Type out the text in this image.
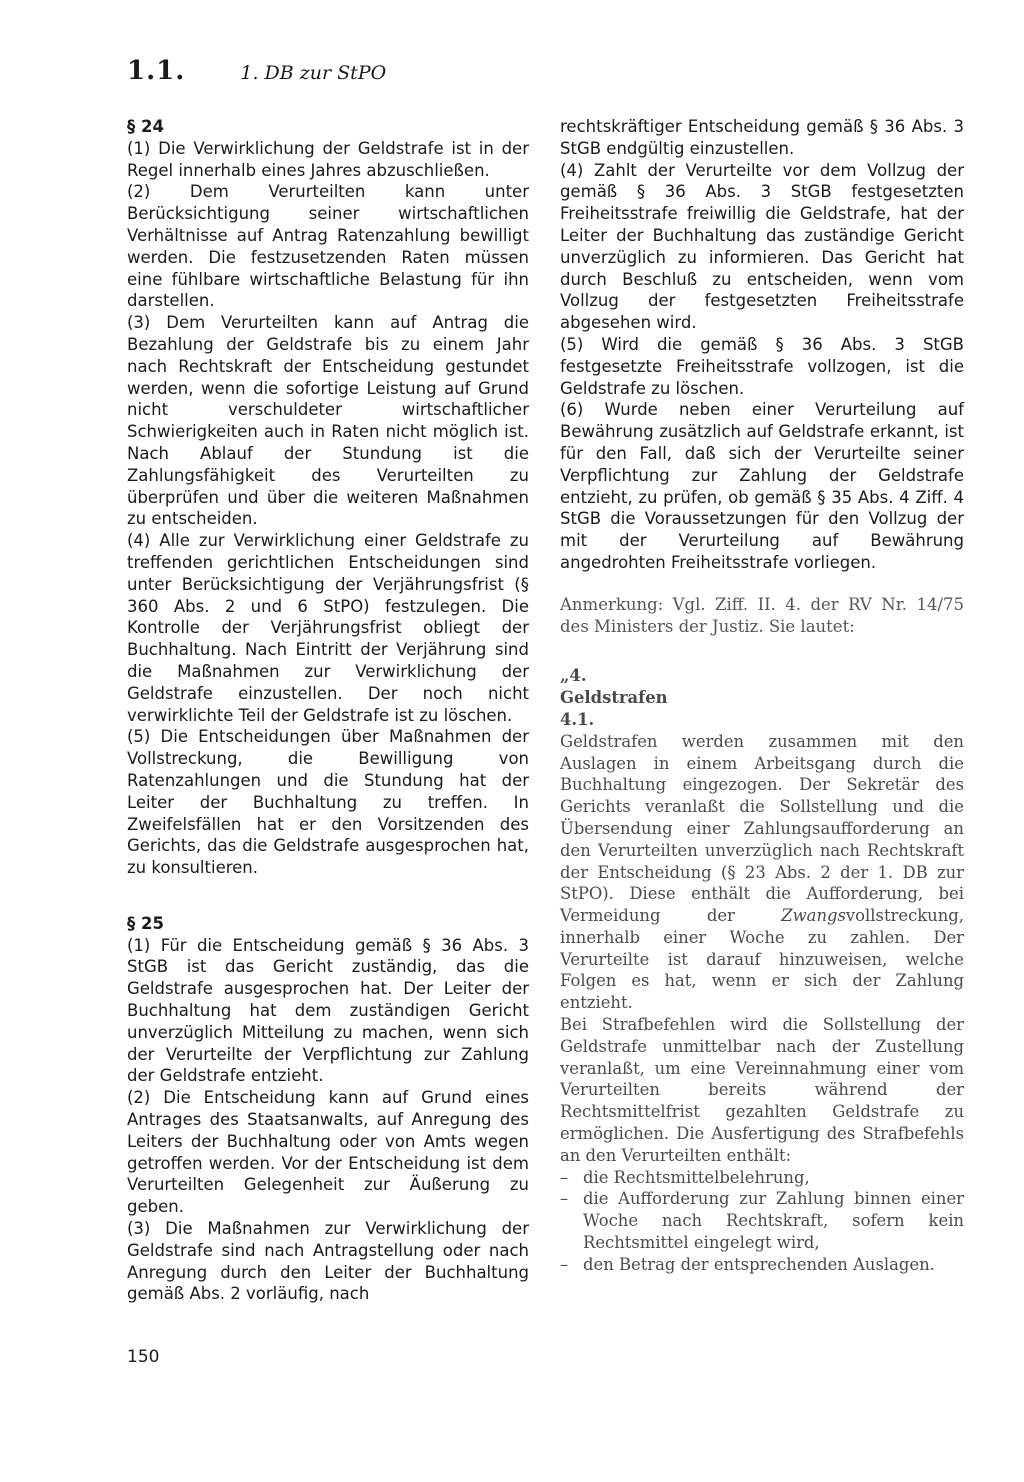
1.1.	1. DB zur StPO

§ 24

(1) Die Verwirklichung der Geldstrafe ist in der Regel innerhalb eines Jahres abzuschließen.

(2) Dem Verurteilten kann unter Berücksichtigung seiner wirtschaftlichen Verhältnisse auf Antrag Ratenzahlung bewilligt werden. Die festzusetzenden Raten müssen eine fühlbare wirtschaftliche Belastung für ihn darstellen.

(3) Dem Verurteilten kann auf Antrag die Bezahlung der Geldstrafe bis zu einem Jahr nach Rechtskraft der Entscheidung gestundet werden, wenn die sofortige Leistung auf Grund nicht verschuldeter wirtschaftlicher Schwierigkeiten auch in Raten nicht möglich ist. Nach Ablauf der Stundung ist die Zahlungsfähigkeit des Verurteilten zu überprüfen und über die weiteren Maßnahmen zu entscheiden.

(4) Alle zur Verwirklichung einer Geldstrafe zu treffenden gerichtlichen Entscheidungen sind unter Berücksichtigung der Verjährungsfrist (§ 360 Abs. 2 und 6 StPO) festzulegen. Die Kontrolle der Verjährungsfrist obliegt der Buchhaltung. Nach Eintritt der Verjährung sind die Maßnahmen zur Verwirklichung der Geldstrafe einzustellen. Der noch nicht verwirklichte Teil der Geldstrafe ist zu löschen.

(5) Die Entscheidungen über Maßnahmen der Vollstreckung, die Bewilligung von Ratenzahlungen und die Stundung hat der Leiter der Buchhaltung zu treffen. In Zweifelsfällen hat er den Vorsitzenden des Gerichts, das die Geldstrafe ausgesprochen hat, zu konsultieren.

§ 25

(1) Für die Entscheidung gemäß § 36 Abs. 3 StGB ist das Gericht zuständig, das die Geldstrafe ausgesprochen hat. Der Leiter der Buchhaltung hat dem zuständigen Gericht unverzüglich Mitteilung zu machen, wenn sich der Verurteilte der Verpflichtung zur Zahlung der Geldstrafe entzieht.

(2) Die Entscheidung kann auf Grund eines Antrages des Staatsanwalts, auf Anregung des Leiters der Buchhaltung oder von Amts wegen getroffen werden. Vor der Entscheidung ist dem Verurteilten Gelegenheit zur Äußerung zu geben.

(3) Die Maßnahmen zur Verwirklichung der Geldstrafe sind nach Antragstellung oder nach Anregung durch den Leiter der Buchhaltung gemäß Abs. 2 vorläufig, nach

rechtskräftiger Entscheidung gemäß § 36 Abs. 3 StGB endgültig einzustellen.

(4) Zahlt der Verurteilte vor dem Vollzug der gemäß § 36 Abs. 3 StGB festgesetzten Freiheitsstrafe freiwillig die Geldstrafe, hat der Leiter der Buchhaltung das zuständige Gericht unverzüglich zu informieren. Das Gericht hat durch Beschluß zu entscheiden, wenn vom Vollzug der festgesetzten Freiheitsstrafe abgesehen wird.

(5) Wird die gemäß § 36 Abs. 3 StGB festgesetzte Freiheitsstrafe vollzogen, ist die Geldstrafe zu löschen.

(6) Wurde neben einer Verurteilung auf Bewährung zusätzlich auf Geldstrafe erkannt, ist für den Fall, daß sich der Verurteilte seiner Verpflichtung zur Zahlung der Geldstrafe entzieht, zu prüfen, ob gemäß § 35 Abs. 4 Ziff. 4 StGB die Voraussetzungen für den Vollzug der mit der Verurteilung auf Bewährung angedrohten Freiheitsstrafe vorliegen.

Anmerkung: Vgl. Ziff. II. 4. der RV Nr. 14/75 des Ministers der Justiz. Sie lautet:

„4.

Geldstrafen

4.1.

Geldstrafen werden zusammen mit den Auslagen in einem Arbeitsgang durch die Buchhaltung eingezogen. Der Sekretär des Gerichts veranlaßt die Sollstellung und die Übersendung einer Zahlungsaufforderung an den Verurteilten unverzüglich nach Rechtskraft der Entscheidung (§ 23 Abs. 2 der 1. DB zur StPO). Diese enthält die Aufforderung, bei Vermeidung der Zwangsvollstreckung, innerhalb einer Woche zu zahlen. Der Verurteilte ist darauf hinzuweisen, welche Folgen es hat, wenn er sich der Zahlung entzieht.

Bei Strafbefehlen wird die Sollstellung der Geldstrafe unmittelbar nach der Zustellung veranlaßt, um eine Vereinnahmung einer vom Verurteilten bereits während der Rechtsmittelfrist gezahlten Geldstrafe zu ermöglichen. Die Ausfertigung des Strafbefehls an den Verurteilten enthält:

– die Rechtsmittelbelehrung,
– die Aufforderung zur Zahlung binnen einer Woche nach Rechtskraft, sofern kein Rechtsmittel eingelegt wird,
– den Betrag der entsprechenden Auslagen.
150
